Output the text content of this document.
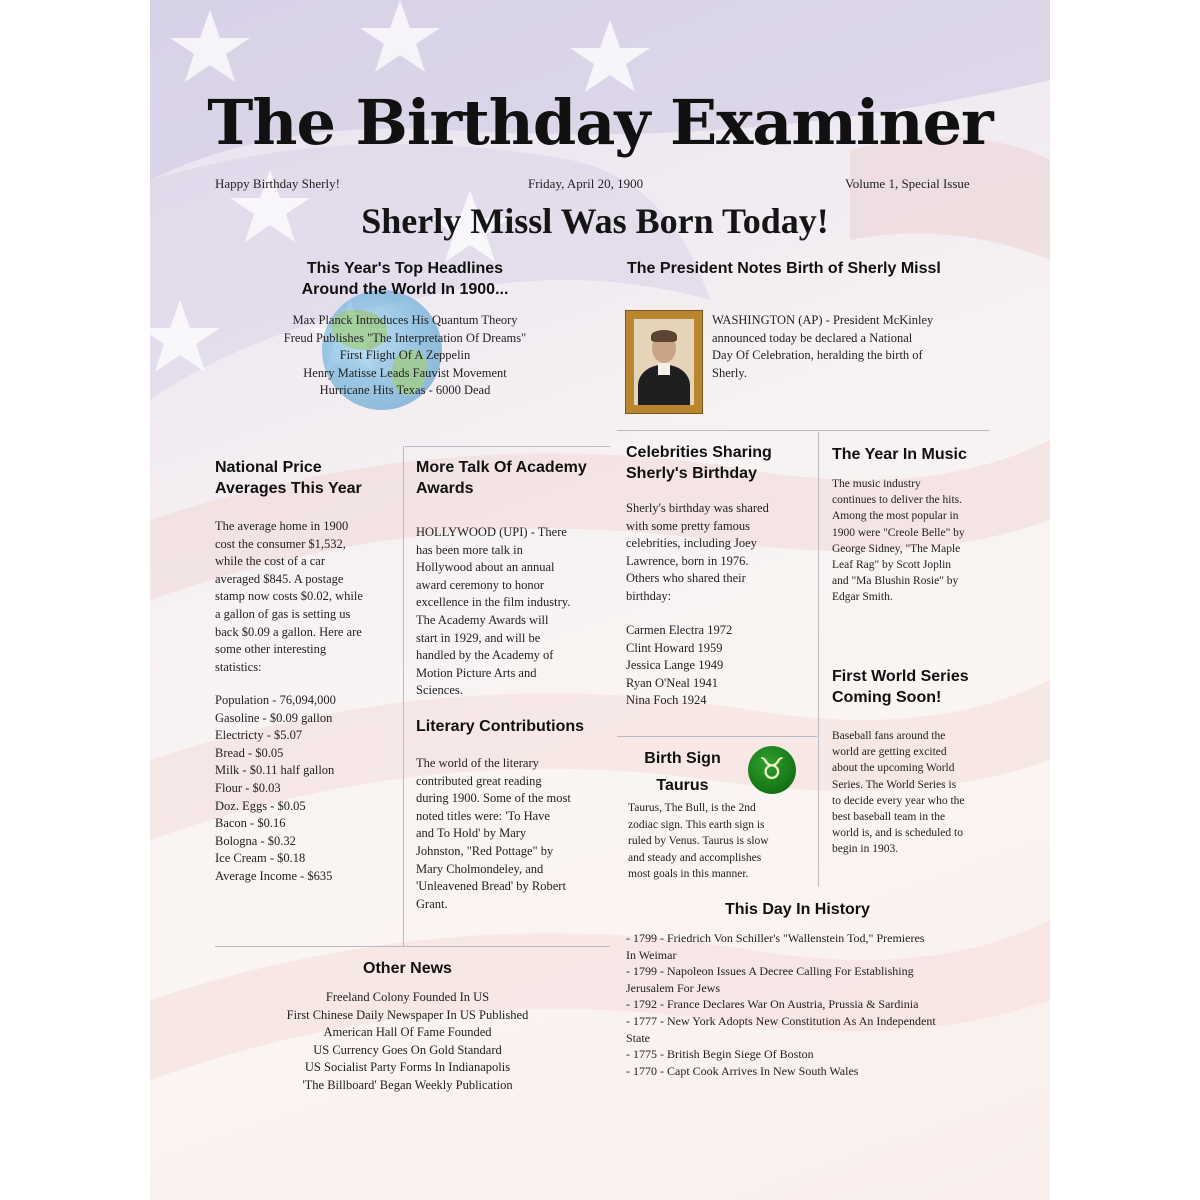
The Birthday Examiner
Happy Birthday Sherly!	Friday, April 20, 1900	Volume 1, Special Issue
Sherly Missl Was Born Today!
This Year's Top Headlines
Around the World In 1900...
Max Planck Introduces His Quantum Theory
Freud Publishes "The Interpretation Of Dreams"
First Flight Of A Zeppelin
Henry Matisse Leads Fauvist Movement
Hurricane Hits Texas - 6000 Dead
The President Notes Birth of Sherly Missl
WASHINGTON (AP) - President McKinley
announced today be declared a National
Day Of Celebration, heralding the birth of
Sherly.
National Price
Averages This Year
The average home in 1900
cost the consumer $1,532,
while the cost of a car
averaged $845. A postage
stamp now costs $0.02, while
a gallon of gas is setting us
back $0.09 a gallon. Here are
some other interesting
statistics:
Population - 76,094,000
Gasoline - $0.09 gallon
Electricty - $5.07
Bread - $0.05
Milk - $0.11 half gallon
Flour - $0.03
Doz. Eggs - $0.05
Bacon - $0.16
Bologna - $0.32
Ice Cream - $0.18
Average Income - $635
More Talk Of Academy
Awards
HOLLYWOOD (UPI) - There
has been more talk in
Hollywood about an annual
award ceremony to honor
excellence in the film industry.
The Academy Awards will
start in 1929, and will be
handled by the Academy of
Motion Picture Arts and
Sciences.
Literary Contributions
The world of the literary
contributed great reading
during 1900. Some of the most
noted titles were: 'To Have
and To Hold' by Mary
Johnston, "Red Pottage" by
Mary Cholmondeley, and
'Unleavened Bread' by Robert
Grant.
Celebrities Sharing
Sherly's Birthday
Sherly's birthday was shared
with some pretty famous
celebrities, including Joey
Lawrence, born in 1976.
Others who shared their
birthday:
Carmen Electra 1972
Clint Howard 1959
Jessica Lange 1949
Ryan O'Neal 1941
Nina Foch 1924
The Year In Music
The music industry
continues to deliver the hits.
Among the most popular in
1900 were "Creole Belle" by
George Sidney, "The Maple
Leaf Rag" by Scott Joplin
and "Ma Blushin Rosie" by
Edgar Smith.
Birth Sign
Taurus	♉
Taurus, The Bull, is the 2nd
zodiac sign. This earth sign is
ruled by Venus. Taurus is slow
and steady and accomplishes
most goals in this manner.
First World Series
Coming Soon!
Baseball fans around the
world are getting excited
about the upcoming World
Series. The World Series is
to decide every year who the
best baseball team in the
world is, and is scheduled to
begin in 1903.
This Day In History
- 1799 - Friedrich Von Schiller's "Wallenstein Tod," Premieres
In Weimar
- 1799 - Napoleon Issues A Decree Calling For Establishing
Jerusalem For Jews
- 1792 - France Declares War On Austria, Prussia & Sardinia
- 1777 - New York Adopts New Constitution As An Independent
State
- 1775 - British Begin Siege Of Boston
- 1770 - Capt Cook Arrives In New South Wales
Other News
Freeland Colony Founded In US
First Chinese Daily Newspaper In US Published
American Hall Of Fame Founded
US Currency Goes On Gold Standard
US Socialist Party Forms In Indianapolis
'The Billboard' Began Weekly Publication
